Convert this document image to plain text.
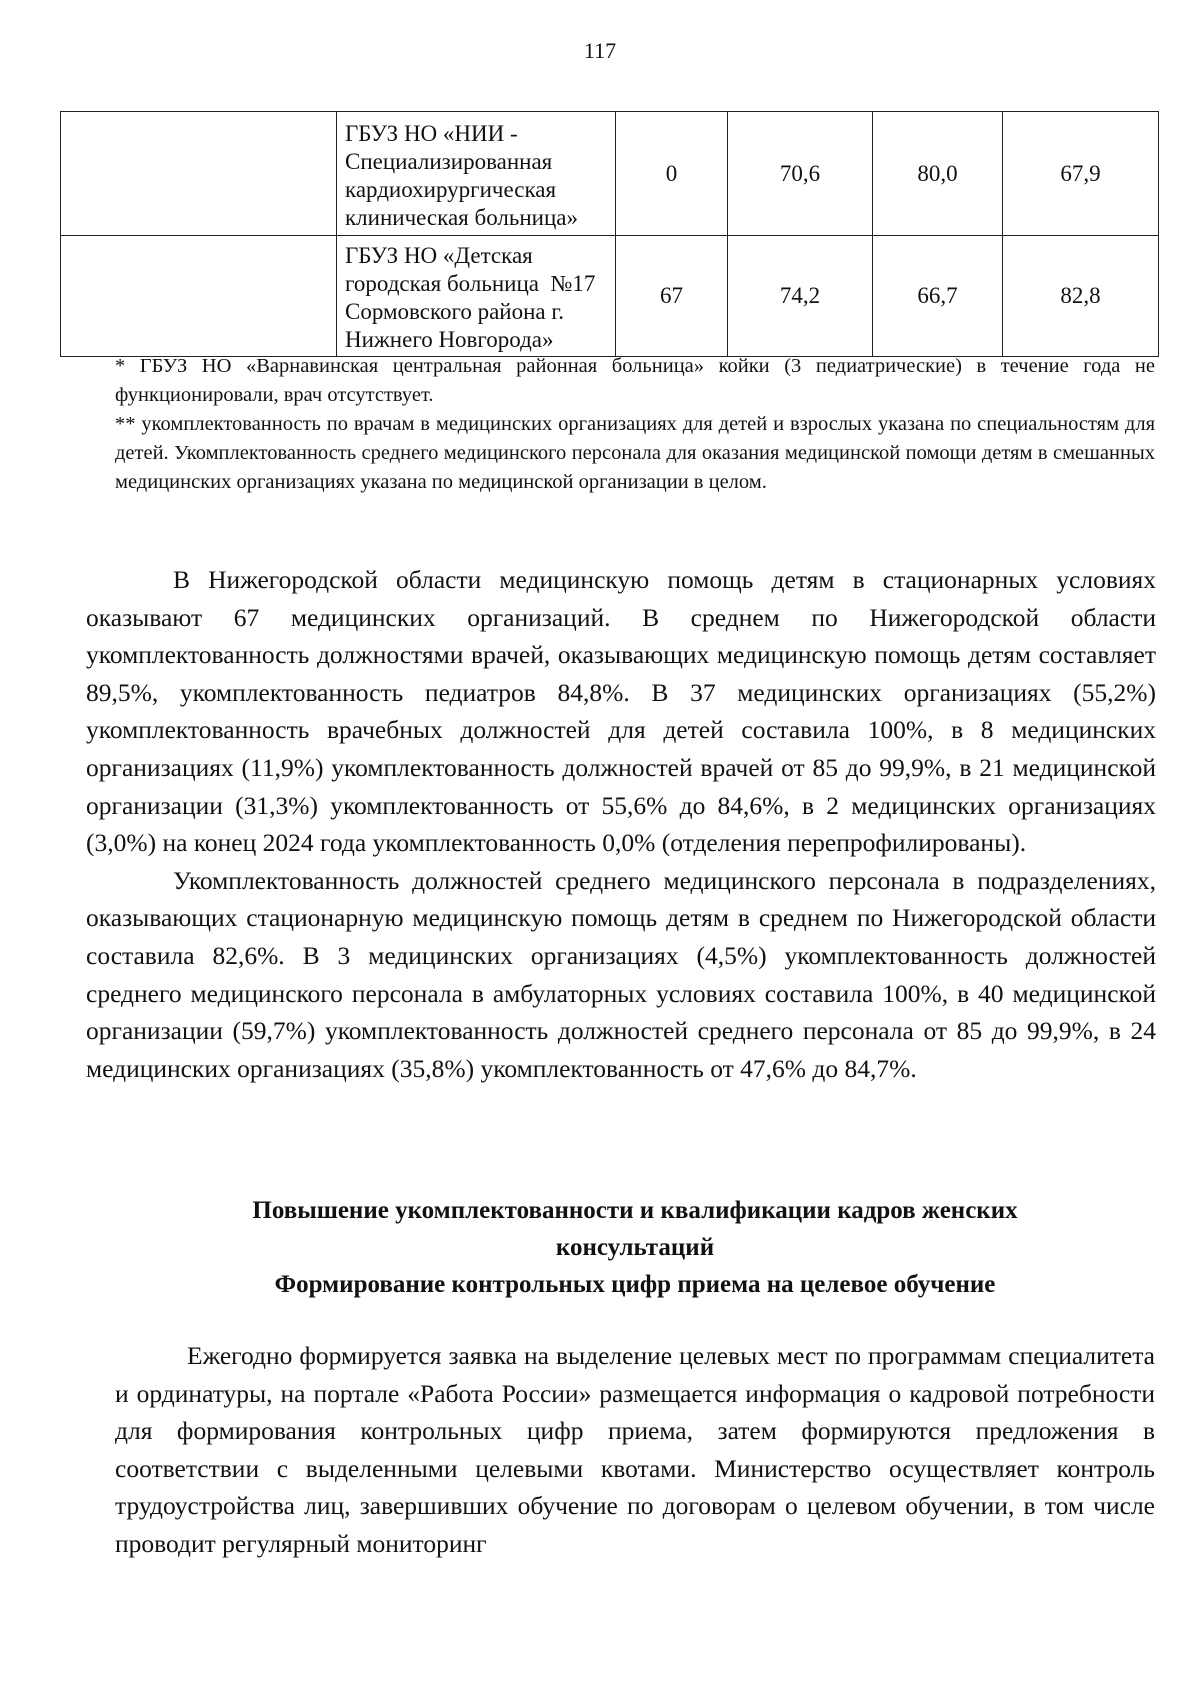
117

	ГБУЗ НО «НИИ -
Специализированная
кардиохирургическая
клиническая больница»	0	70,6	80,0	67,9

	ГБУЗ НО «Детская
городская больница  №17
Сормовского района г.
Нижнего Новгорода»	67	74,2	66,7	82,8

* ГБУЗ НО «Варнавинская центральная районная больница» койки (3 педиатрические) в течение года не функционировали, врач отсутствует.

** укомплектованность по врачам в медицинских организациях для детей и взрослых указана по специальностям для детей. Укомплектованность среднего медицинского персонала для оказания медицинской помощи детям в смешанных медицинских организациях указана по медицинской организации в целом.

В Нижегородской области медицинскую помощь детям в стационарных условиях оказывают 67 медицинских организаций. В среднем по Нижегородской области укомплектованность должностями врачей, оказывающих медицинскую помощь детям составляет 89,5%, укомплектованность педиатров 84,8%. В 37 медицинских организациях (55,2%) укомплектованность врачебных должностей для детей составила 100%, в 8 медицинских организациях (11,9%) укомплектованность должностей врачей от 85 до 99,9%, в 21 медицинской организации (31,3%) укомплектованность от 55,6% до 84,6%, в 2 медицинских организациях (3,0%) на конец 2024 года укомплектованность 0,0% (отделения перепрофилированы).

Укомплектованность должностей среднего медицинского персонала в подразделениях, оказывающих стационарную медицинскую помощь детям в среднем по Нижегородской области составила 82,6%. В 3 медицинских организациях (4,5%) укомплектованность должностей среднего медицинского персонала в амбулаторных условиях составила 100%, в 40 медицинской организации (59,7%) укомплектованность должностей среднего персонала от 85 до 99,9%, в 24 медицинских организациях (35,8%) укомплектованность от 47,6% до 84,7%.

Повышение укомплектованности и квалификации кадров женских
консультаций
Формирование контрольных цифр приема на целевое обучение

Ежегодно формируется заявка на выделение целевых мест по программам специалитета и ординатуры, на портале «Работа России» размещается информация о кадровой потребности для формирования контрольных цифр приема, затем формируются предложения в соответствии с выделенными целевыми квотами. Министерство осуществляет контроль трудоустройства лиц, завершивших обучение по договорам о целевом обучении, в том числе проводит регулярный мониторинг
